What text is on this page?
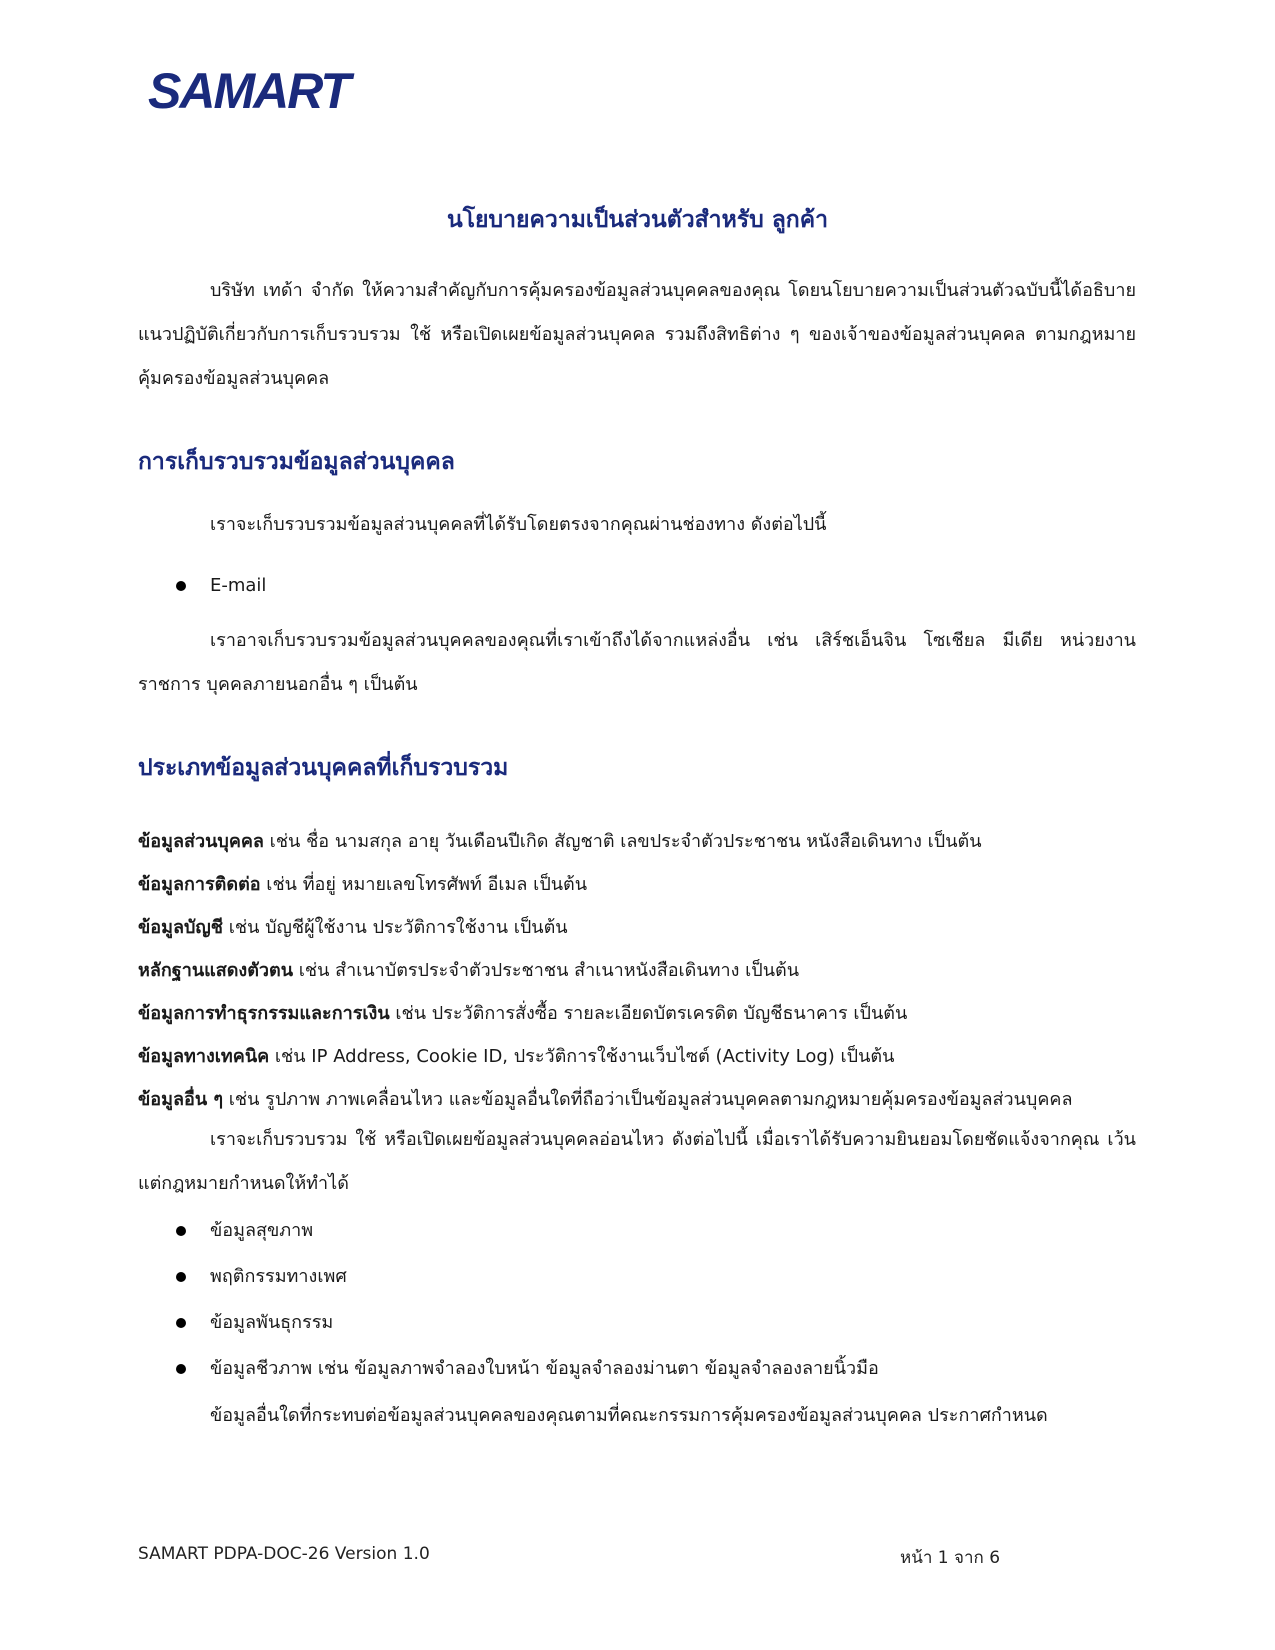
SAMART
นโยบายความเป็นส่วนตัวสำหรับ ลูกค้า

บริษัท เทด้า จำกัด ให้ความสำคัญกับการคุ้มครองข้อมูลส่วนบุคคลของคุณ โดยนโยบายความเป็นส่วนตัวฉบับนี้ได้อธิบายแนวปฏิบัติเกี่ยวกับการเก็บรวบรวม ใช้ หรือเปิดเผยข้อมูลส่วนบุคคล รวมถึงสิทธิต่าง ๆ ของเจ้าของข้อมูลส่วนบุคคล ตามกฎหมายคุ้มครองข้อมูลส่วนบุคคล

การเก็บรวบรวมข้อมูลส่วนบุคคล

เราจะเก็บรวบรวมข้อมูลส่วนบุคคลที่ได้รับโดยตรงจากคุณผ่านช่องทาง ดังต่อไปนี้

E-mail

เราอาจเก็บรวบรวมข้อมูลส่วนบุคคลของคุณที่เราเข้าถึงได้จากแหล่งอื่น เช่น เสิร์ชเอ็นจิน โซเชียล มีเดีย หน่วยงานราชการ บุคคลภายนอกอื่น ๆ เป็นต้น

ประเภทข้อมูลส่วนบุคคลที่เก็บรวบรวม

ข้อมูลส่วนบุคคล เช่น ชื่อ นามสกุล อายุ วันเดือนปีเกิด สัญชาติ เลขประจำตัวประชาชน หนังสือเดินทาง เป็นต้น

ข้อมูลการติดต่อ เช่น ที่อยู่ หมายเลขโทรศัพท์ อีเมล เป็นต้น

ข้อมูลบัญชี เช่น บัญชีผู้ใช้งาน ประวัติการใช้งาน เป็นต้น

หลักฐานแสดงตัวตน เช่น สำเนาบัตรประจำตัวประชาชน สำเนาหนังสือเดินทาง เป็นต้น

ข้อมูลการทำธุรกรรมและการเงิน เช่น ประวัติการสั่งซื้อ รายละเอียดบัตรเครดิต บัญชีธนาคาร เป็นต้น

ข้อมูลทางเทคนิค เช่น IP Address, Cookie ID, ประวัติการใช้งานเว็บไซต์ (Activity Log) เป็นต้น

ข้อมูลอื่น ๆ เช่น รูปภาพ ภาพเคลื่อนไหว และข้อมูลอื่นใดที่ถือว่าเป็นข้อมูลส่วนบุคคลตามกฎหมายคุ้มครองข้อมูลส่วนบุคคล

เราจะเก็บรวบรวม ใช้ หรือเปิดเผยข้อมูลส่วนบุคคลอ่อนไหว ดังต่อไปนี้ เมื่อเราได้รับความยินยอมโดยชัดแจ้งจากคุณ เว้นแต่กฎหมายกำหนดให้ทำได้

ข้อมูลสุขภาพ
พฤติกรรมทางเพศ
ข้อมูลพันธุกรรม
ข้อมูลชีวภาพ เช่น ข้อมูลภาพจำลองใบหน้า ข้อมูลจำลองม่านตา ข้อมูลจำลองลายนิ้วมือ

ข้อมูลอื่นใดที่กระทบต่อข้อมูลส่วนบุคคลของคุณตามที่คณะกรรมการคุ้มครองข้อมูลส่วนบุคคล ประกาศกำหนด

SAMART PDPA-DOC-26 Version 1.0	หน้า 1 จาก 6
